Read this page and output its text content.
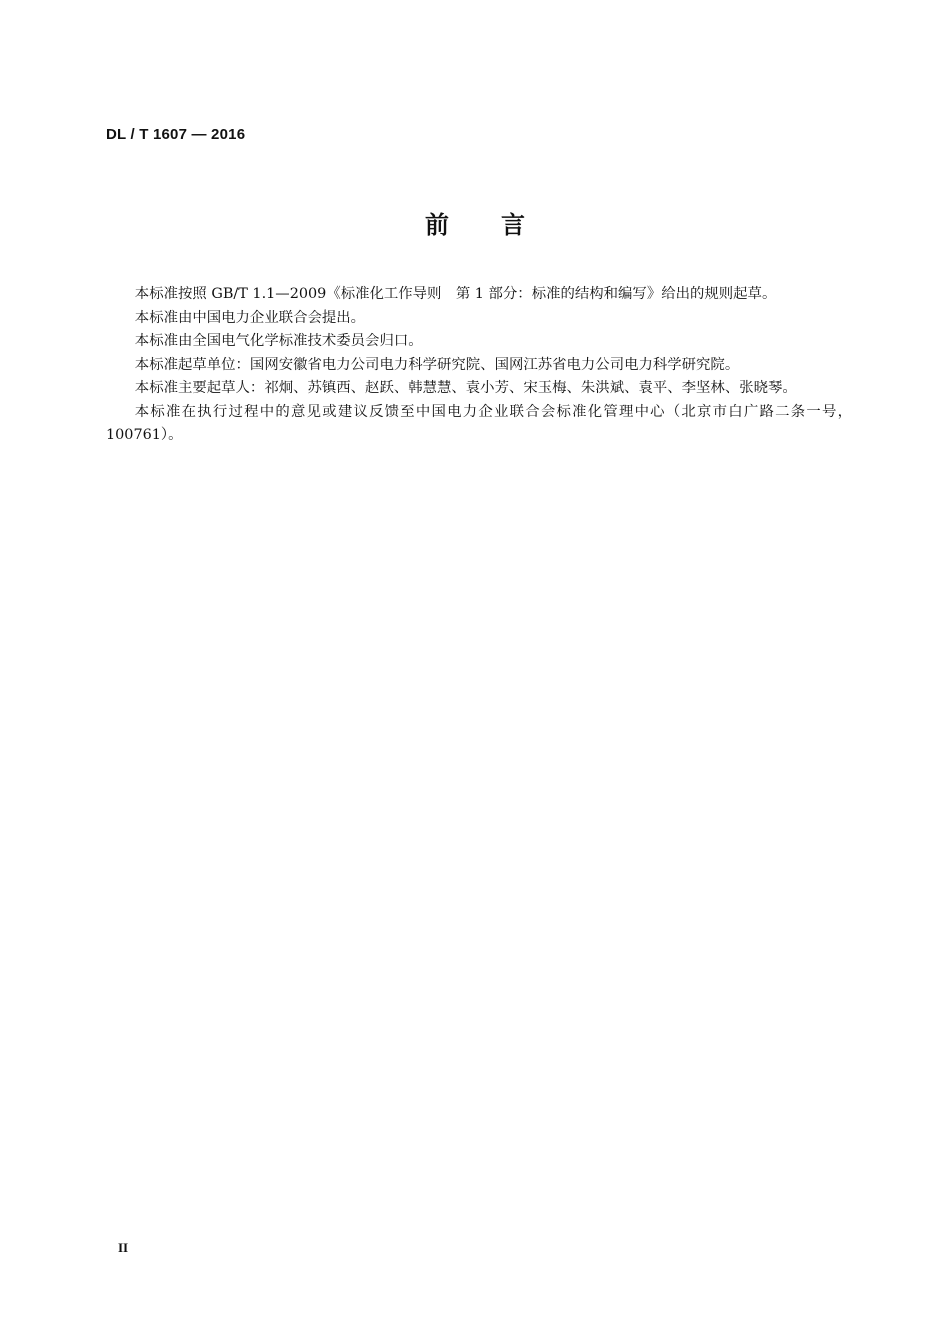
DL / T 1607 — 2016
前言

本标准按照 GB/T 1.1—2009《标准化工作导则　第 1 部分：标准的结构和编写》给出的规则起草。

本标准由中国电力企业联合会提出。

本标准由全国电气化学标准技术委员会归口。

本标准起草单位：国网安徽省电力公司电力科学研究院、国网江苏省电力公司电力科学研究院。

本标准主要起草人：祁炯、苏镇西、赵跃、韩慧慧、袁小芳、宋玉梅、朱洪斌、袁平、李坚林、张晓琴。

本标准在执行过程中的意见或建议反馈至中国电力企业联合会标准化管理中心（北京市白广路二条一号，100761）。

II
